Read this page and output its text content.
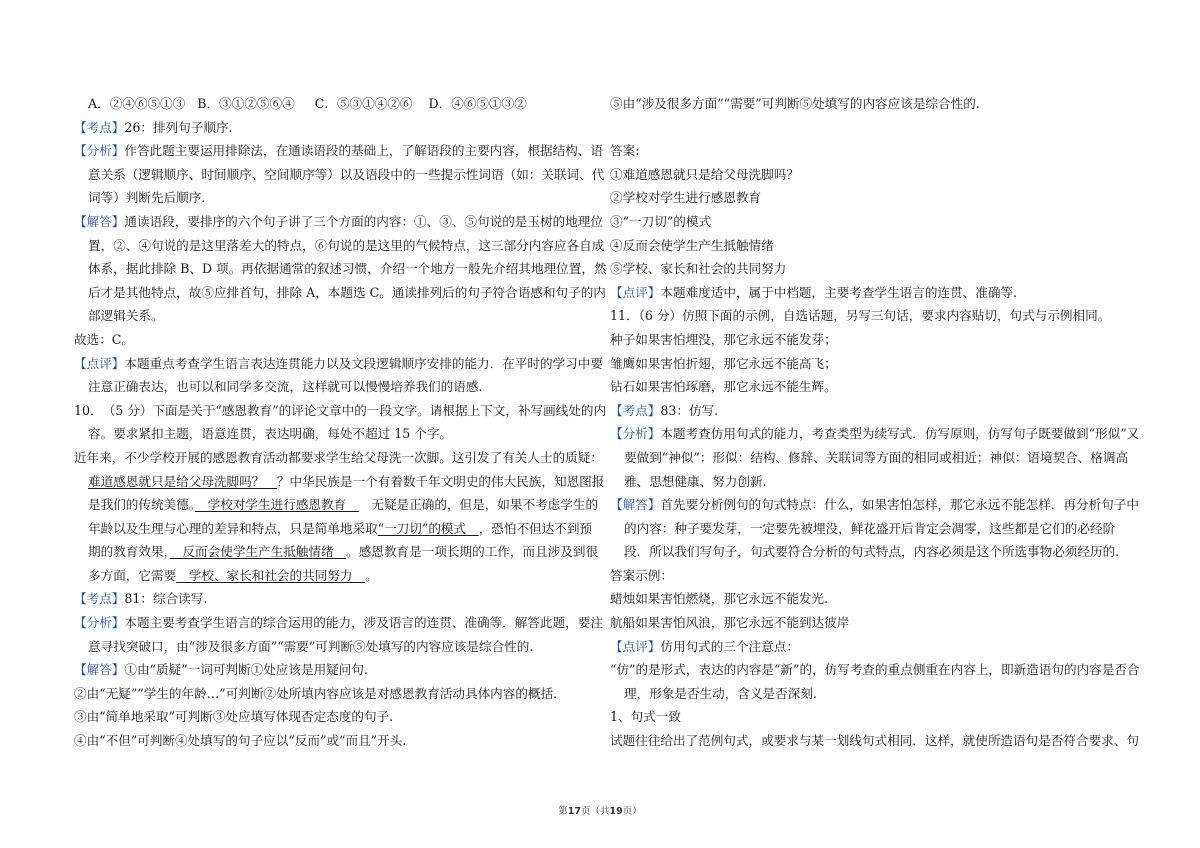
A．②④⑥⑤①③ B．③①②⑤⑥④ C．⑤③①④②⑥ D．④⑥⑤①③②
【考点】26：排列句子顺序.
【分析】作答此题主要运用排除法，在通读语段的基础上，了解语段的主要内容，根据结构、语
意关系（逻辑顺序、时间顺序、空间顺序等）以及语段中的一些提示性词语（如：关联词、代
词等）判断先后顺序.
【解答】通读语段，要排序的六个句子讲了三个方面的内容：①、③、⑤句说的是玉树的地理位
置，②、④句说的是这里落差大的特点，⑥句说的是这里的气候特点，这三部分内容应各自成
体系，据此排除 B、D 项。再依据通常的叙述习惯，介绍一个地方一般先介绍其地理位置，然
后才是其他特点，故⑤应排首句，排除 A，本题选 C。通读排列后的句子符合语感和句子的内
部逻辑关系。
故选：C。
【点评】本题重点考查学生语言表达连贯能力以及文段逻辑顺序安排的能力．在平时的学习中要
注意正确表达，也可以和同学多交流，这样就可以慢慢培养我们的语感.
10．　（5 分）下面是关于“感恩教育”的评论文章中的一段文字。请根据上下文，补写画线处的内
容。要求紧扣主题，语意连贯，表达明确，每处不超过 15 个字。
近年来，不少学校开展的感恩教育活动都要求学生给父母洗一次脚。这引发了有关人士的质疑：
难道感恩就只是给父母洗脚吗？　？中华民族是一个有着数千年文明史的伟大民族，知恩图报
是我们的传统美德。　学校对学生进行感恩教育　　无疑是正确的，但是，如果不考虑学生的
年龄以及生理与心理的差异和特点，只是简单地采取“一刀切”的模式　，恐怕不但达不到预
期的教育效果，　反而会使学生产生抵触情绪　。感恩教育是一项长期的工作，而且涉及到很
多方面，它需要　学校、家长和社会的共同努力　。
【考点】81：综合读写.
【分析】本题主要考查学生语言的综合运用的能力，涉及语言的连贯、准确等．解答此题，要注
意寻找突破口，由“涉及很多方面”“需要”可判断⑤处填写的内容应该是综合性的.
【解答】①由“质疑”一词可判断①处应该是用疑问句.
②由“无疑”“学生的年龄…”可判断②处所填内容应该是对感恩教育活动具体内容的概括.
③由“简单地采取”可判断③处应填写体现否定态度的句子.
④由“不但”可判断④处填写的句子应以“反而”或“而且”开头.
⑤由“涉及很多方面”“需要”可判断⑤处填写的内容应该是综合性的.

答案:
①难道感恩就只是给父母洗脚吗？
②学校对学生进行感恩教育
③“一刀切”的模式
④反而会使学生产生抵触情绪
⑤学校、家长和社会的共同努力
【点评】本题难度适中，属于中档题，主要考查学生语言的连贯、准确等.
11．（6 分）仿照下面的示例，自选话题，另写三句话，要求内容贴切，句式与示例相同。
种子如果害怕埋没，那它永远不能发芽；
雏鹰如果害怕折翅，那它永远不能高飞；
钻石如果害怕琢磨，那它永远不能生辉。
【考点】83：仿写.
【分析】本题考查仿用句式的能力，考查类型为续写式．仿写原则，仿写句子既要做到“形似”又
要做到“神似”：形似：结构、修辞、关联词等方面的相同或相近；神似：语境契合、格调高
雅、思想健康、努力创新.
【解答】首先要分析例句的句式特点：什么，如果害怕怎样，那它永远不能怎样．再分析句子中
的内容：种子要发芽，一定要先被埋没，鲜花盛开后肯定会凋零，这些都是它们的必经阶
段．所以我们写句子，句式要符合分析的句式特点，内容必须是这个所选事物必须经历的.
答案示例：
蜡烛如果害怕燃烧，那它永远不能发光.
航船如果害怕风浪，那它永远不能到达彼岸
【点评】仿用句式的三个注意点：
“仿”的是形式，表达的内容是“新”的，仿写考查的重点侧重在内容上，即新造语句的内容是否合
理，形象是否生动，含义是否深刻.
1、句式一致
试题往往给出了范例句式，或要求与某一划线句式相同．这样，就使所造语句是否符合要求、句
第17页（共19页）
